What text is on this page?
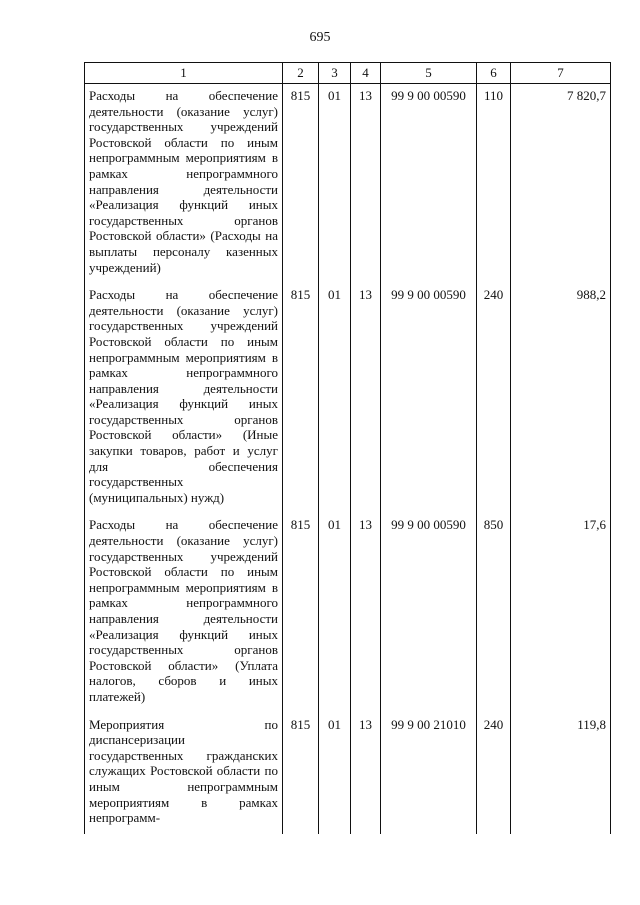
695
1	2	3	4	5	6	7
Расходы на обеспечение деятельности (оказание услуг) государственных учреждений Ростовской области по иным непрограммным мероприятиям в рамках непрограммного направления деятельности «Реализация функций иных государственных органов Ростовской области» (Расходы на выплаты персоналу казенных учреждений)	815	01	13	99 9 00 00590	110	7 820,7
Расходы на обеспечение деятельности (оказание услуг) государственных учреждений Ростовской области по иным непрограммным мероприятиям в рамках непрограммного направления деятельности «Реализация функций иных государственных органов Ростовской области» (Иные закупки товаров, работ и услуг для обеспечения государственных (муниципальных) нужд)	815	01	13	99 9 00 00590	240	988,2
Расходы на обеспечение деятельности (оказание услуг) государственных учреждений Ростовской области по иным непрограммным мероприятиям в рамках непрограммного направления деятельности «Реализация функций иных государственных органов Ростовской области» (Уплата налогов, сборов и иных платежей)	815	01	13	99 9 00 00590	850	17,6
Мероприятия по диспансеризации государственных гражданских служащих Ростовской области по иным непрограммным мероприятиям в рамках непрограмм-	815	01	13	99 9 00 21010	240	119,8
